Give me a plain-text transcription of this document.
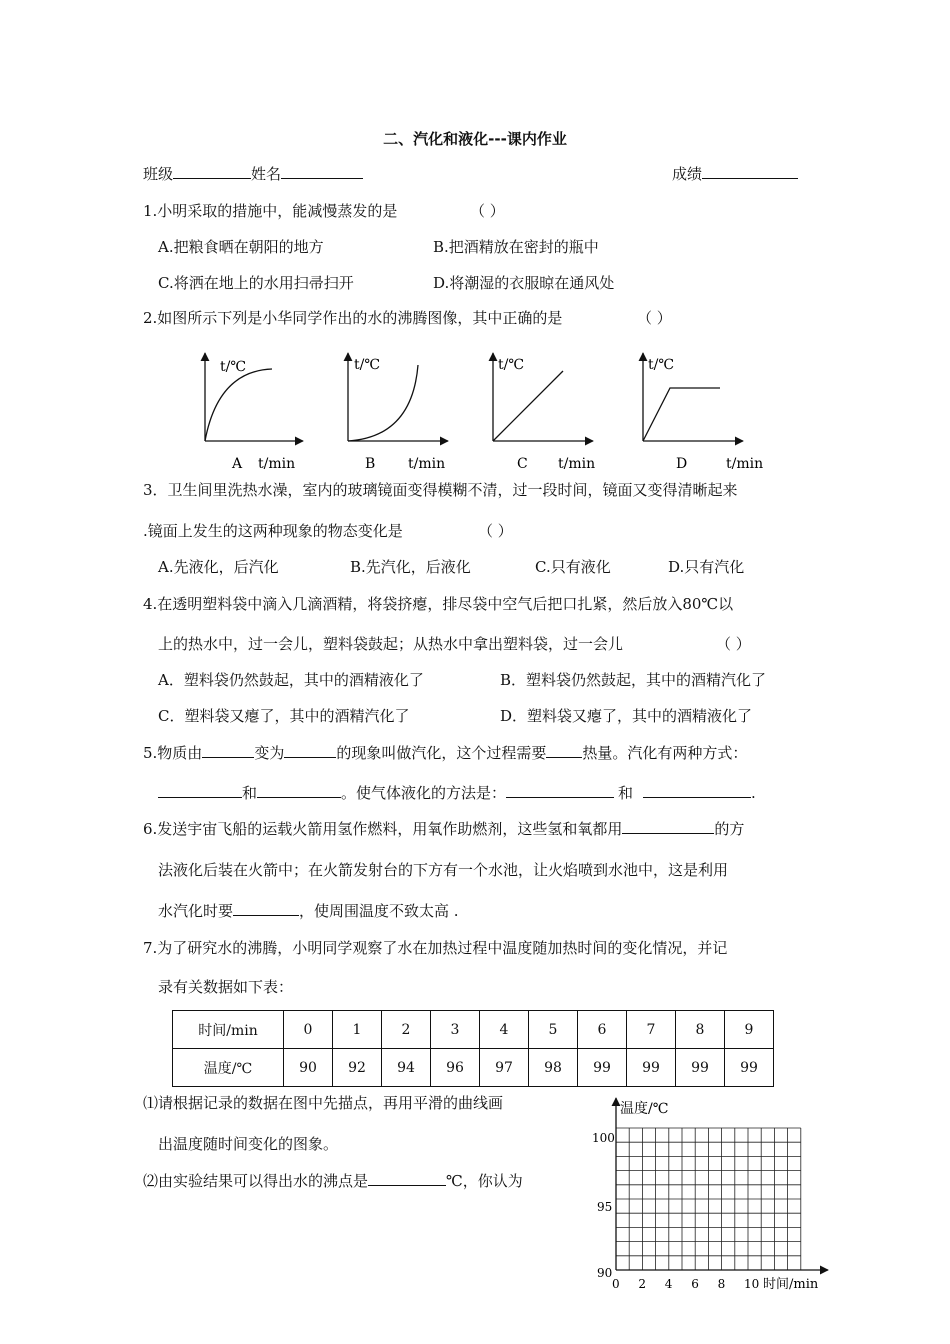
二、汽化和液化---课内作业
班级	姓名	成绩
1.小明采取的措施中，能减慢蒸发的是	（ ）
A.把粮食晒在朝阳的地方	B.把酒精放在密封的瓶中
C.将洒在地上的水用扫帚扫开	D.将潮湿的衣服晾在通风处
2.如图所示下列是小华同学作出的水的沸腾图像，其中正确的是	（ ）
t/℃
A t/min
t/℃
B t/min
t/℃
C t/min
t/℃
D	t/min
3．卫生间里洗热水澡，室内的玻璃镜面变得模糊不清，过一段时间，镜面又变得清晰起来
.镜面上发生的这两种现象的物态变化是	（ ）
A.先液化，后汽化	B.先汽化，后液化	C.只有液化	D.只有汽化
4.在透明塑料袋中滴入几滴酒精，将袋挤瘪，排尽袋中空气后把口扎紧，然后放入80℃以
上的热水中，过一会儿，塑料袋鼓起；从热水中拿出塑料袋，过一会儿	（ ）
A．塑料袋仍然鼓起，其中的酒精液化了	B．塑料袋仍然鼓起，其中的酒精汽化了
C．塑料袋又瘪了，其中的酒精汽化了	D．塑料袋又瘪了，其中的酒精液化了
5.物质由	变为	的现象叫做汽化，这个过程需要 热量。汽化有两种方式：
和	。使气体液化的方法是：	和	.
6.发送宇宙飞船的运载火箭用氢作燃料，用氧作助燃剂，这些氢和氧都用	的方
法液化后装在火箭中；在火箭发射台的下方有一个水池，让火焰喷到水池中，这是利用
水汽化时要	，使周围温度不致太高 .
7.为了研究水的沸腾，小明同学观察了水在加热过程中温度随加热时间的变化情况，并记
录有关数据如下表：
时间/min	0	1	2	3	4	5	6	7	8	9
温度/℃	90	92	94	96	97	98	99	99	99	99
⑴请根据记录的数据在图中先描点，再用平滑的曲线画
出温度随时间变化的图象。
⑵由实验结果可以得出水的沸点是	℃，你认为
温度/℃
100
95
90
0 2 4 6 8 10 时间/min
